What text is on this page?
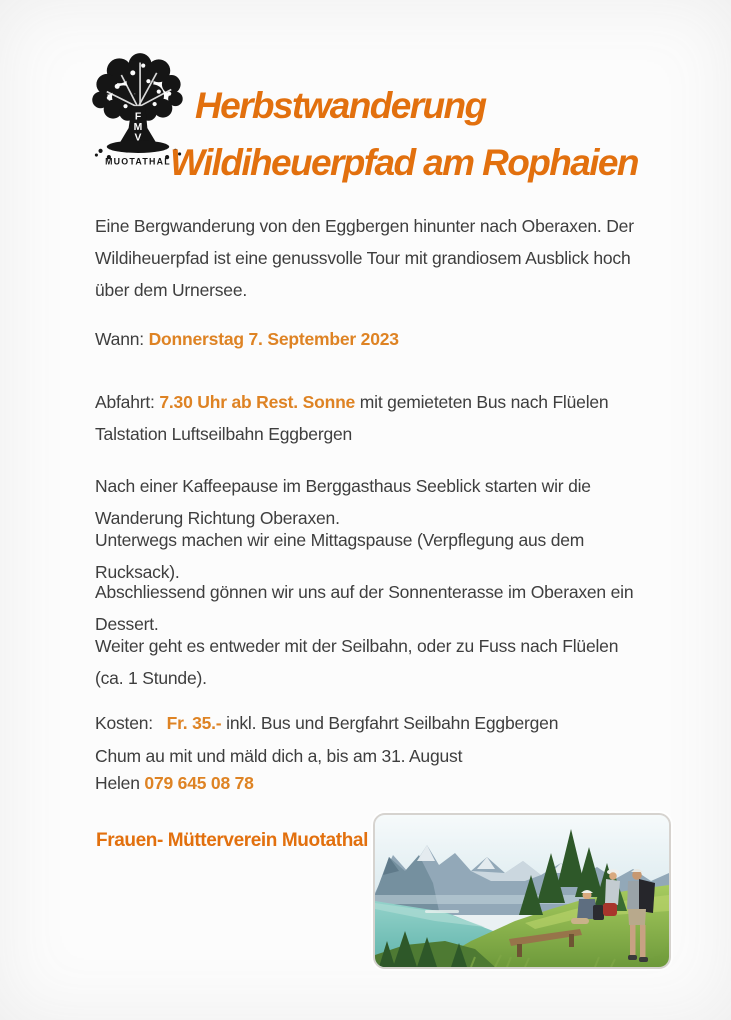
F
M
V
MUOTATHAL
Herbstwanderung
Wildiheuerpfad am Rophaien
Eine Bergwanderung von den Eggbergen hinunter nach Oberaxen. Der
Wildiheuerpfad ist eine genussvolle Tour mit grandiosem Ausblick hoch
über dem Urnersee.
Wann: Donnerstag 7. September 2023
Abfahrt: 7.30 Uhr ab Rest. Sonne mit gemieteten Bus nach Flüelen
Talstation Luftseilbahn Eggbergen
Nach einer Kaffeepause im Berggasthaus Seeblick starten wir die
Wanderung Richtung Oberaxen.
Unterwegs machen wir eine Mittagspause (Verpflegung aus dem
Rucksack).
Abschliessend gönnen wir uns auf der Sonnenterasse im Oberaxen ein
Dessert.
Weiter geht es entweder mit der Seilbahn, oder zu Fuss nach Flüelen
(ca. 1 Stunde).
Kosten: Fr. 35.- inkl. Bus und Bergfahrt Seilbahn Eggbergen
Chum au mit und mäld dich a, bis am 31. August
Helen 079 645 08 78
Frauen- Mütterverein Muotathal
